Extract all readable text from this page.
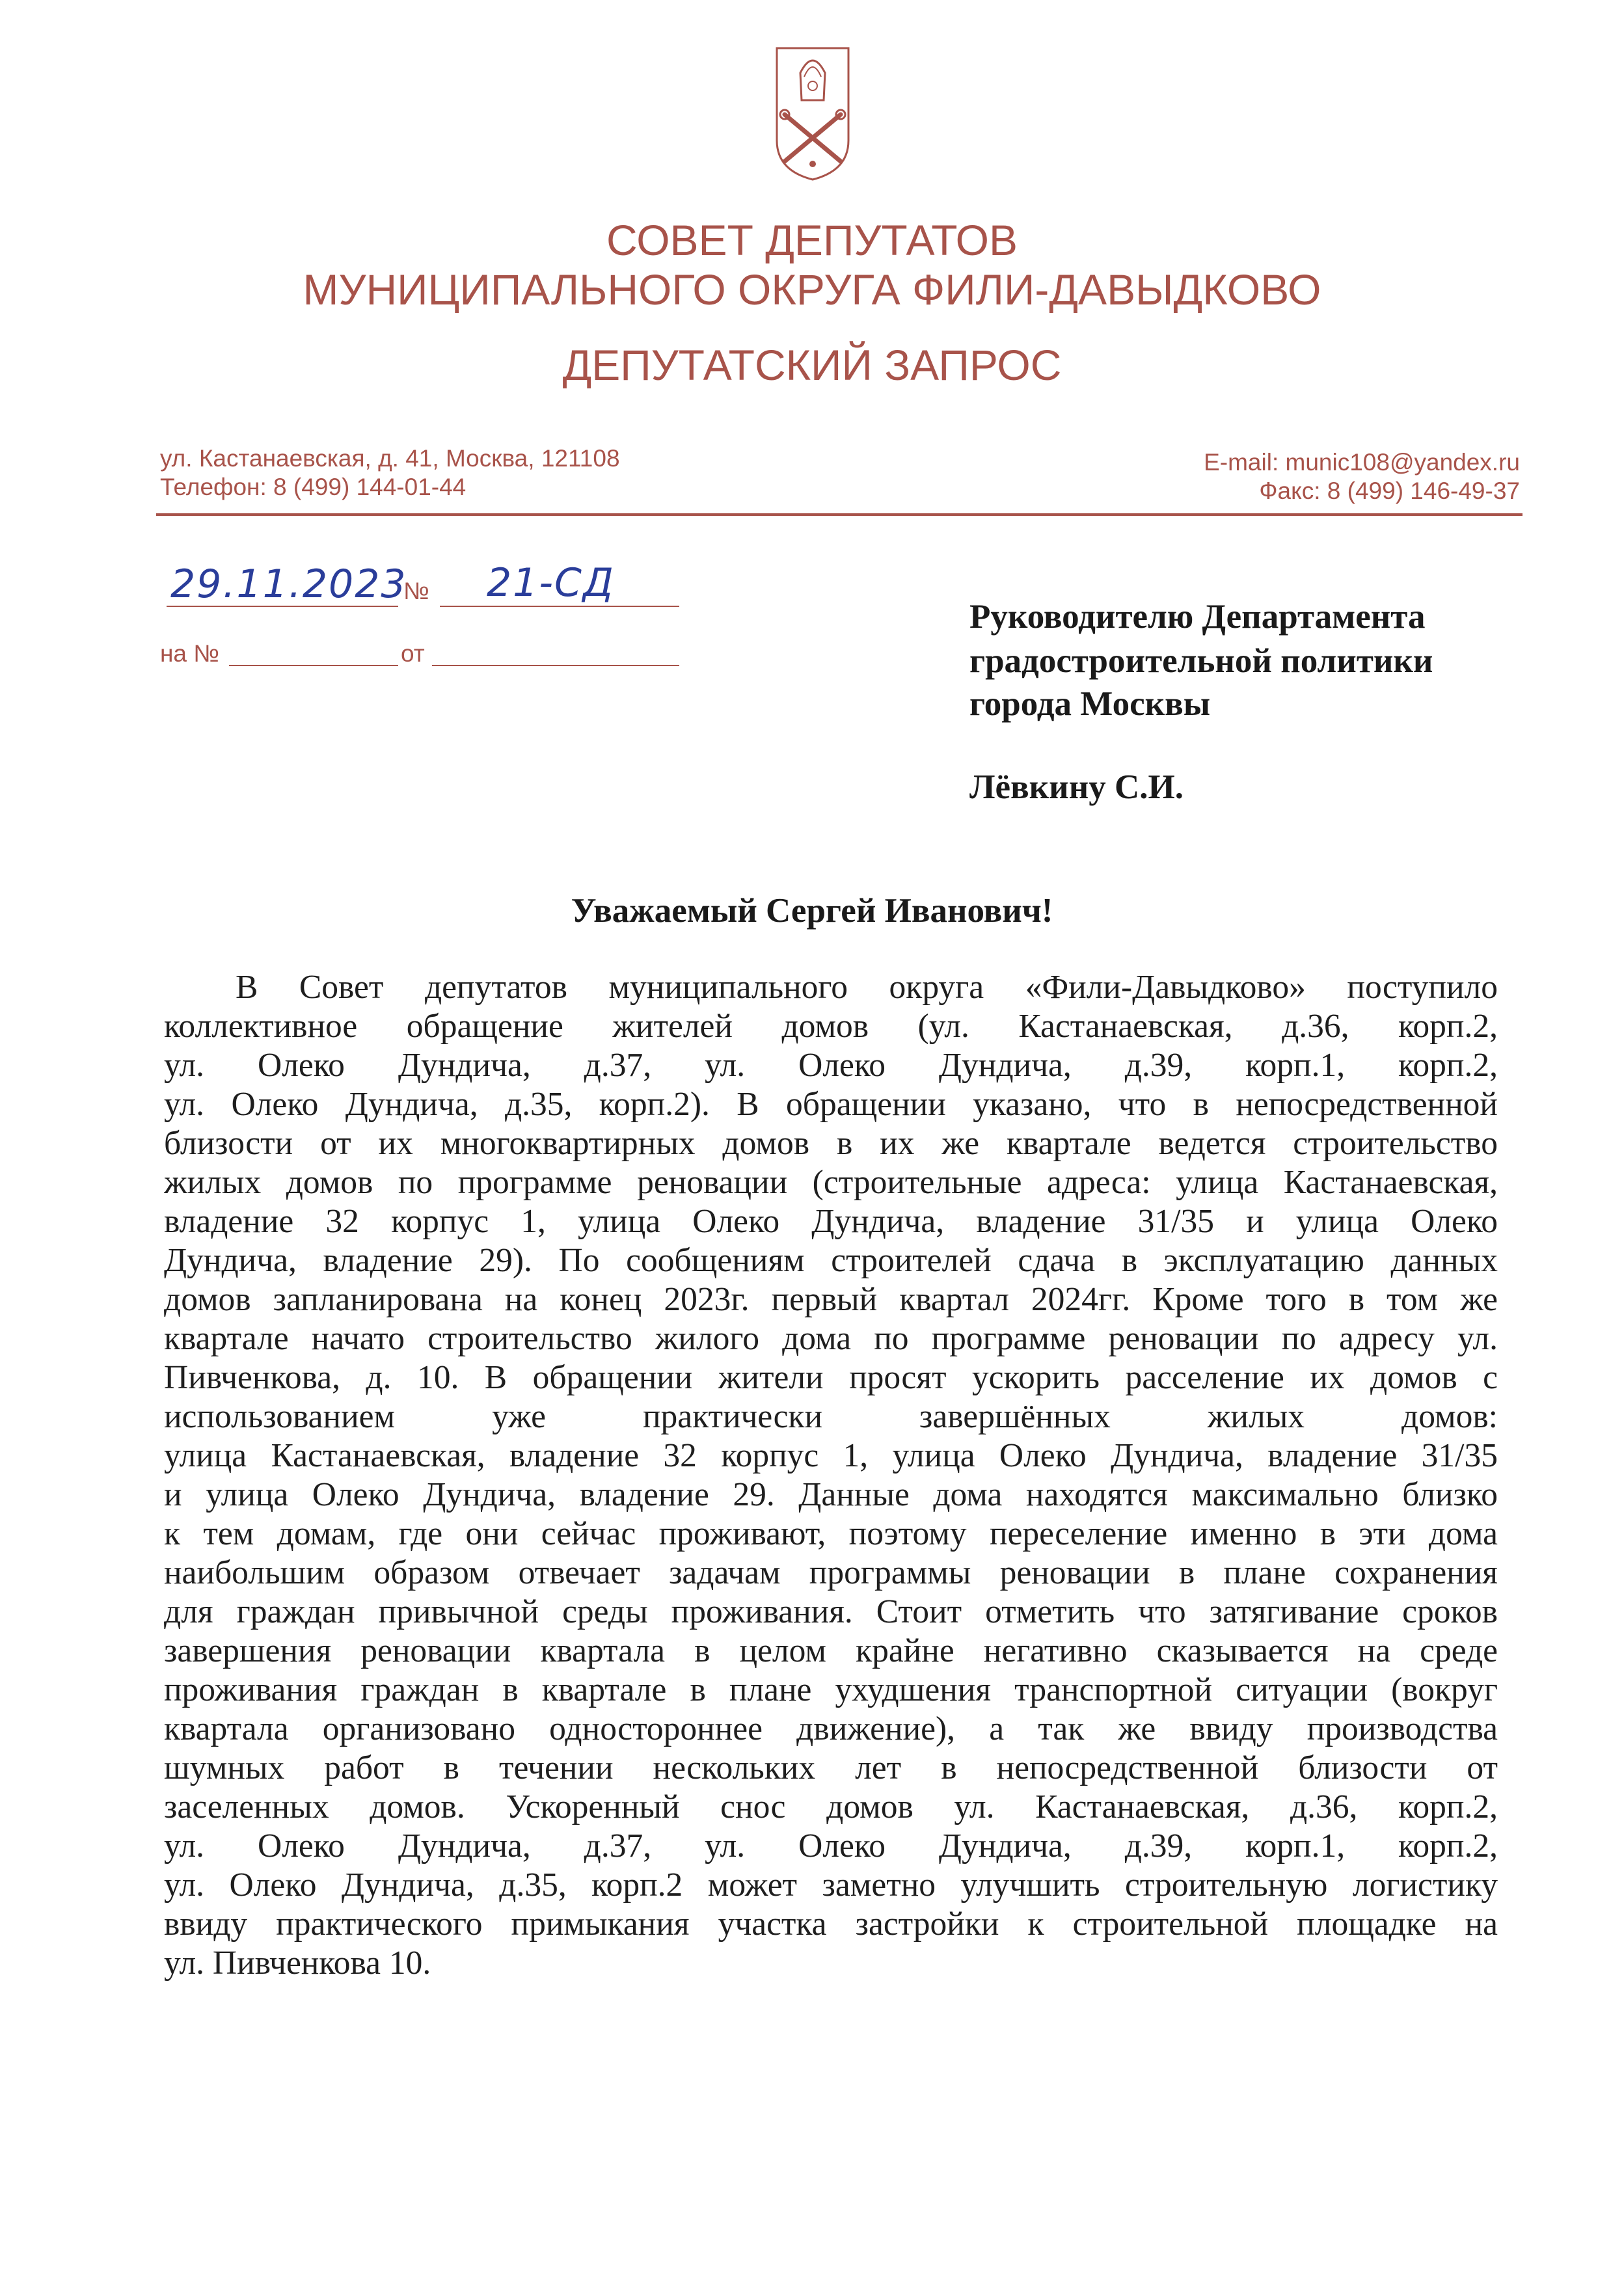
СОВЕТ ДЕПУТАТОВ
МУНИЦИПАЛЬНОГО ОКРУГА ФИЛИ-ДАВЫДКОВО
ДЕПУТАТСКИЙ ЗАПРОС
ул. Кастанаевская, д. 41, Москва, 121108
Телефон: 8 (499) 144-01-44
E-mail: munic108@yandex.ru
Факс: 8 (499) 146-49-37
29.11.2023
№ 21-СД
на №	от
Руководителю Департамента
градостроительной политики
города Москвы
Лёвкину С.И.
Уважаемый Сергей Иванович!
В Совет депутатов муниципального округа «Фили-Давыдково» поступило
коллективное обращение жителей домов (ул. Кастанаевская, д.36, корп.2,
ул. Олеко Дундича, д.37, ул. Олеко Дундича, д.39, корп.1, корп.2,
ул. Олеко Дундича, д.35, корп.2). В обращении указано, что в непосредственной
близости от их многоквартирных домов в их же квартале ведется строительство
жилых домов по программе реновации (строительные адреса: улица Кастанаевская,
владение 32 корпус 1, улица Олеко Дундича, владение 31/35 и улица Олеко
Дундича, владение 29). По сообщениям строителей сдача в эксплуатацию данных
домов запланирована на конец 2023г. первый квартал 2024гг. Кроме того в том же
квартале начато строительство жилого дома по программе реновации по адресу ул.
Пивченкова, д. 10. В обращении жители просят ускорить расселение их домов с
использованием уже практически завершённых жилых домов:
улица Кастанаевская, владение 32 корпус 1, улица Олеко Дундича, владение 31/35
и улица Олеко Дундича, владение 29. Данные дома находятся максимально близко
к тем домам, где они сейчас проживают, поэтому переселение именно в эти дома
наибольшим образом отвечает задачам программы реновации в плане сохранения
для граждан привычной среды проживания. Стоит отметить что затягивание сроков
завершения реновации квартала в целом крайне негативно сказывается на среде
проживания граждан в квартале в плане ухудшения транспортной ситуации (вокруг
квартала организовано одностороннее движение), а так же ввиду производства
шумных работ в течении нескольких лет в непосредственной близости от
заселенных домов. Ускоренный снос домов ул. Кастанаевская, д.36, корп.2,
ул. Олеко Дундича, д.37, ул. Олеко Дундича, д.39, корп.1, корп.2,
ул. Олеко Дундича, д.35, корп.2 может заметно улучшить строительную логистику
ввиду практического примыкания участка застройки к строительной площадке на
ул. Пивченкова 10.
